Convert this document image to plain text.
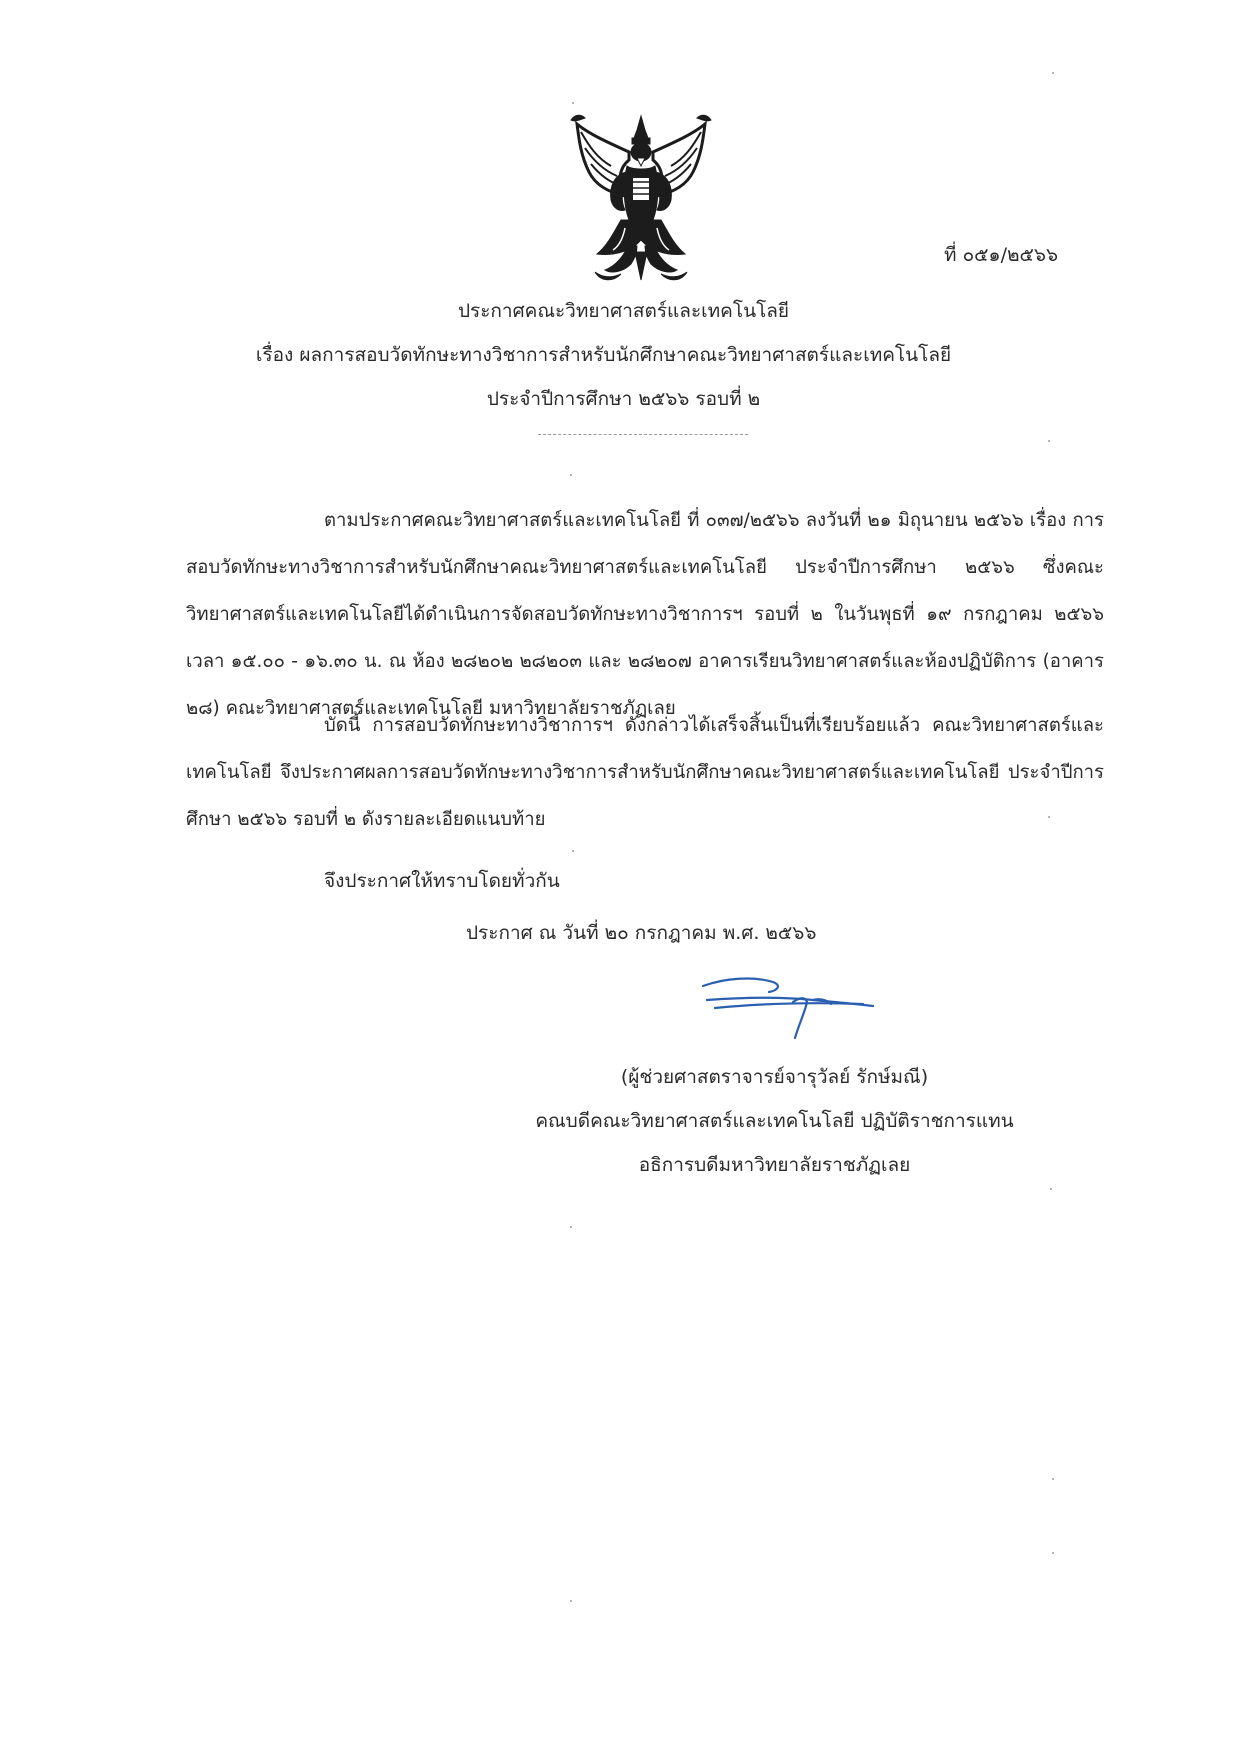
ที่ ๐๕๑/๒๕๖๖
ประกาศคณะวิทยาศาสตร์และเทคโนโลยี
เรื่อง ผลการสอบวัดทักษะทางวิชาการสำหรับนักศึกษาคณะวิทยาศาสตร์และเทคโนโลยี
ประจำปีการศึกษา ๒๕๖๖ รอบที่ ๒
ตามประกาศคณะวิทยาศาสตร์และเทคโนโลยี ที่ ๐๓๗/๒๕๖๖ ลงวันที่ ๒๑ มิถุนายน ๒๕๖๖ เรื่อง การสอบวัดทักษะทางวิชาการสำหรับนักศึกษาคณะวิทยาศาสตร์และเทคโนโลยี ประจำปีการศึกษา ๒๕๖๖ ซึ่งคณะวิทยาศาสตร์และเทคโนโลยีได้ดำเนินการจัดสอบวัดทักษะทางวิชาการฯ รอบที่ ๒ ในวันพุธที่ ๑๙ กรกฎาคม ๒๕๖๖ เวลา ๑๕.๐๐ - ๑๖.๓๐ น. ณ ห้อง ๒๘๒๐๒ ๒๘๒๐๓ และ ๒๘๒๐๗ อาคารเรียนวิทยาศาสตร์และห้องปฏิบัติการ (อาคาร ๒๘) คณะวิทยาศาสตร์และเทคโนโลยี มหาวิทยาลัยราชภัฏเลย
บัดนี้ การสอบวัดทักษะทางวิชาการฯ ดังกล่าวได้เสร็จสิ้นเป็นที่เรียบร้อยแล้ว คณะวิทยาศาสตร์และเทคโนโลยี จึงประกาศผลการสอบวัดทักษะทางวิชาการสำหรับนักศึกษาคณะวิทยาศาสตร์และเทคโนโลยี ประจำปีการศึกษา ๒๕๖๖ รอบที่ ๒ ดังรายละเอียดแนบท้าย
จึงประกาศให้ทราบโดยทั่วกัน
ประกาศ ณ วันที่ ๒๐ กรกฎาคม พ.ศ. ๒๕๖๖
(ผู้ช่วยศาสตราจารย์จารุวัลย์ รักษ์มณี)
คณบดีคณะวิทยาศาสตร์และเทคโนโลยี ปฏิบัติราชการแทน
อธิการบดีมหาวิทยาลัยราชภัฏเลย
